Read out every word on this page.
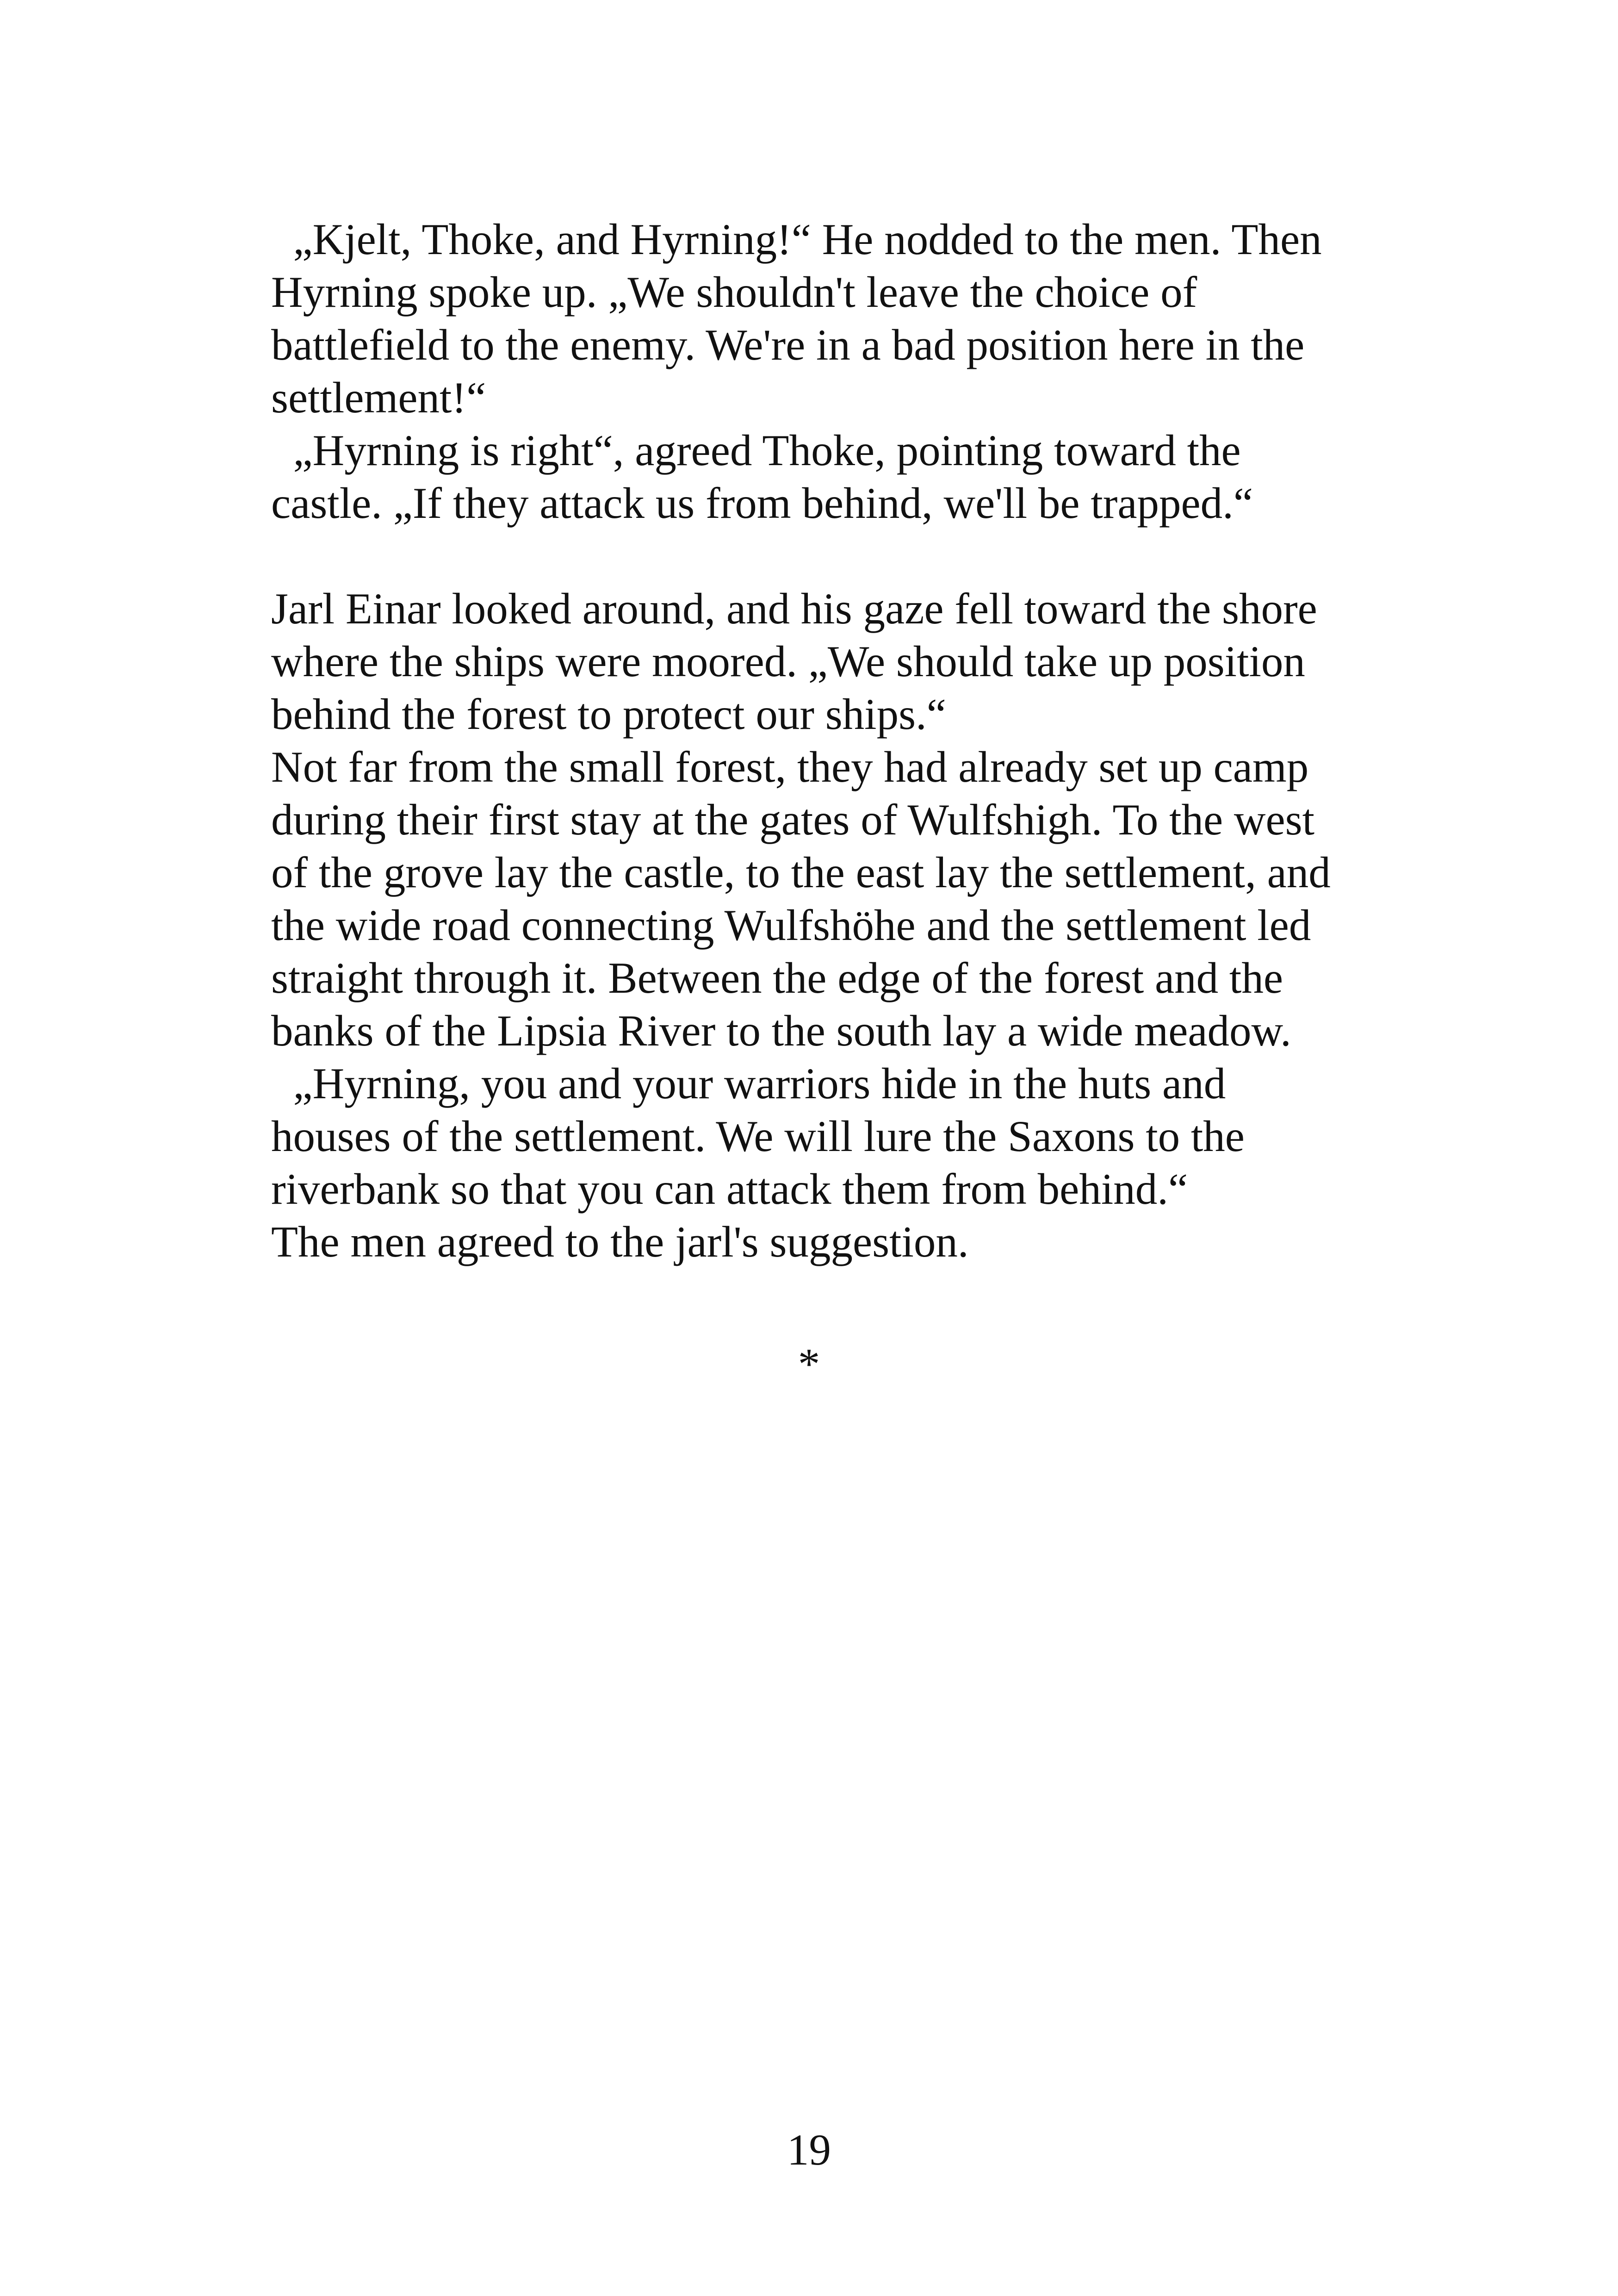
„Kjelt, Thoke, and Hyrning!“ He nodded to the men. Then

Hyrning spoke up. „We shouldn't leave the choice of

battlefield to the enemy. We're in a bad position here in the

settlement!“

„Hyrning is right“, agreed Thoke, pointing toward the

castle. „If they attack us from behind, we'll be trapped.“

Jarl Einar looked around, and his gaze fell toward the shore

where the ships were moored. „We should take up position

behind the forest to protect our ships.“

Not far from the small forest, they had already set up camp

during their first stay at the gates of Wulfshigh. To the west

of the grove lay the castle, to the east lay the settlement, and

the wide road connecting Wulfshöhe and the settlement led

straight through it. Between the edge of the forest and the

banks of the Lipsia River to the south lay a wide meadow.

„Hyrning, you and your warriors hide in the huts and

houses of the settlement. We will lure the Saxons to the

riverbank so that you can attack them from behind.“

The men agreed to the jarl's suggestion.

*
19
